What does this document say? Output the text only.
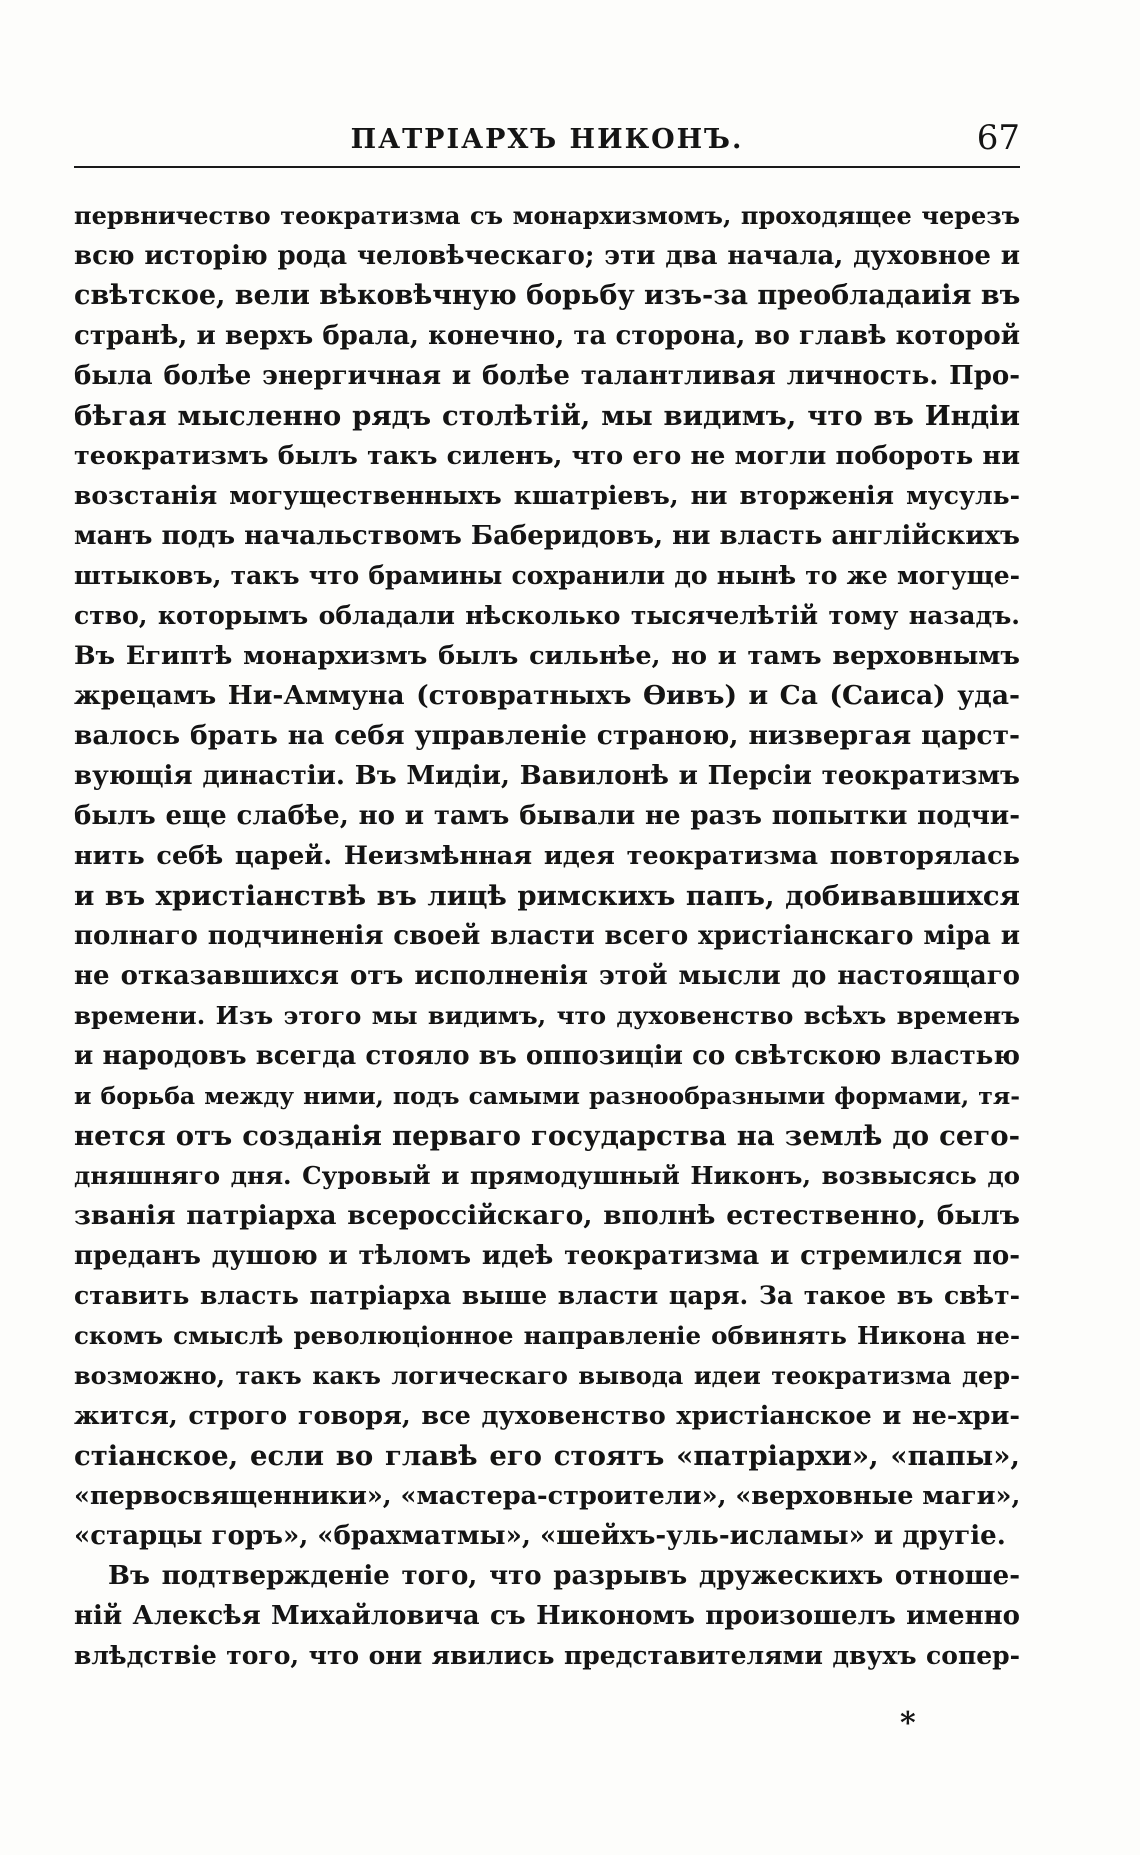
ПАТРІАРХЪ НИКОНЪ.	67
первничество теократизма съ монархизмомъ, проходящее черезъ
всю исторію рода человѣческаго; эти два начала, духовное и
свѣтское, вели вѣковѣчную борьбу изъ-за преобладаиія въ
странѣ, и верхъ брала, конечно, та сторона, во главѣ которой
была болѣе энергичная и болѣе талантливая личность. Про-
бѣгая мысленно рядъ столѣтій, мы видимъ, что въ Индіи
теократизмъ былъ такъ силенъ, что его не могли побороть ни
возстанія могущественныхъ кшатріевъ, ни вторженія мусуль-
манъ подъ начальствомъ Баберидовъ, ни власть англійскихъ
штыковъ, такъ что брамины сохранили до нынѣ то же могуще-
ство, которымъ обладали нѣсколько тысячелѣтій тому назадъ.
Въ Египтѣ монархизмъ былъ сильнѣе, но и тамъ верховнымъ
жрецамъ Ни-Аммуна (стовратныхъ Ѳивъ) и Са (Саиса) уда-
валось брать на себя управленіе страною, низвергая царст-
вующія династіи. Въ Мидіи, Вавилонѣ и Персіи теократизмъ
былъ еще слабѣе, но и тамъ бывали не разъ попытки подчи-
нить себѣ царей. Неизмѣнная идея теократизма повторялась
и въ христіанствѣ въ лицѣ римскихъ папъ, добивавшихся
полнаго подчиненія своей власти всего христіанскаго міра и
не отказавшихся отъ исполненія этой мысли до настоящаго
времени. Изъ этого мы видимъ, что духовенство всѣхъ временъ
и народовъ всегда стояло въ оппозиціи со свѣтскою властью
и борьба между ними, подъ самыми разнообразными формами, тя-
нется отъ созданія перваго государства на землѣ до сего-
дняшняго дня. Суровый и прямодушный Никонъ, возвысясь до
званія патріарха всероссійскаго, вполнѣ естественно, былъ
преданъ душою и тѣломъ идеѣ теократизма и стремился по-
ставить власть патріарха выше власти царя. За такое въ свѣт-
скомъ смыслѣ революціонное направленіе обвинять Никона не-
возможно, такъ какъ логическаго вывода идеи теократизма дер-
жится, строго говоря, все духовенство христіанское и не-хри-
стіанское, если во главѣ его стоятъ «патріархи», «папы»,
«первосвященники», «мастера-строители», «верховные маги»,
«старцы горъ», «брахматмы», «шейхъ-уль-исламы» и другіе.
Въ подтвержденіе того, что разрывъ дружескихъ отноше-
ній Алексѣя Михайловича съ Никономъ произошелъ именно
влѣдствіе того, что они явились представителями двухъ сопер-
*
